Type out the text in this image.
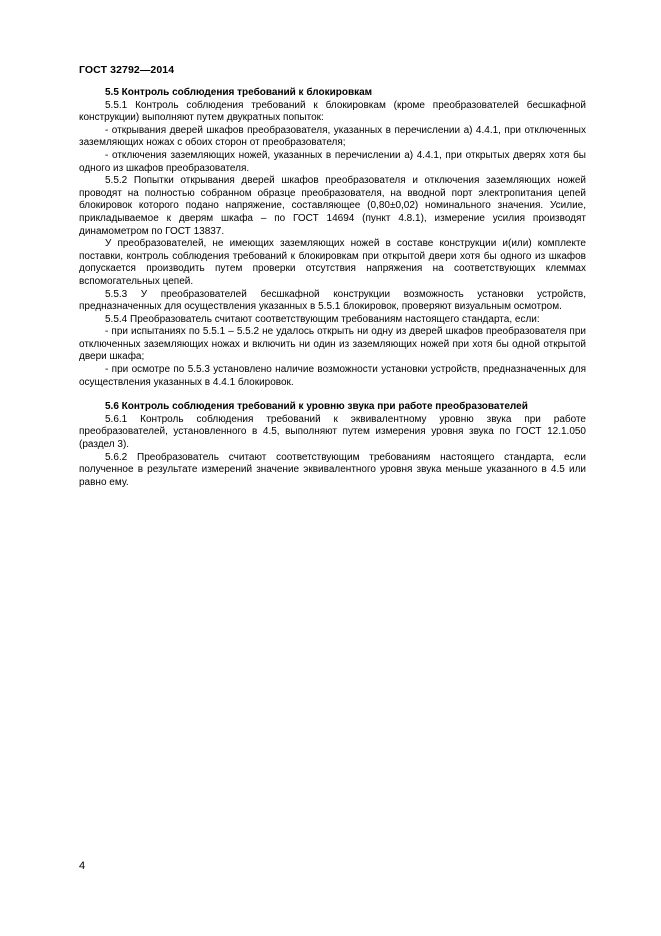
ГОСТ 32792—2014

5.5 Контроль соблюдения требований к блокировкам

5.5.1 Контроль соблюдения требований к блокировкам (кроме преобразователей бесшкафной конструкции) выполняют путем двукратных попыток:

- открывания дверей шкафов преобразователя, указанных в перечислении а) 4.4.1, при отключенных заземляющих ножах с обоих сторон от преобразователя;

- отключения заземляющих ножей, указанных в перечислении а) 4.4.1, при открытых дверях хотя бы одного из шкафов преобразователя.

5.5.2 Попытки открывания дверей шкафов преобразователя и отключения заземляющих ножей проводят на полностью собранном образце преобразователя, на вводной порт электропитания цепей блокировок которого подано напряжение, составляющее (0,80±0,02) номинального значения. Усилие, прикладываемое к дверям шкафа – по ГОСТ 14694 (пункт 4.8.1), измерение усилия производят динамометром по ГОСТ 13837.

У преобразователей, не имеющих заземляющих ножей в составе конструкции и(или) комплекте поставки, контроль соблюдения требований к блокировкам при открытой двери хотя бы одного из шкафов допускается производить путем проверки отсутствия напряжения на соответствующих клеммах вспомогательных цепей.

5.5.3 У преобразователей бесшкафной конструкции возможность установки устройств, предназначенных для осуществления указанных в 5.5.1 блокировок, проверяют визуальным осмотром.

5.5.4 Преобразователь считают соответствующим требованиям настоящего стандарта, если:

- при испытаниях по 5.5.1 – 5.5.2 не удалось открыть ни одну из дверей шкафов преобразователя при отключенных заземляющих ножах и включить ни один из заземляющих ножей при хотя бы одной открытой двери шкафа;

- при осмотре по 5.5.3 установлено наличие возможности установки устройств, предназначенных для осуществления указанных в 4.4.1 блокировок.

5.6 Контроль соблюдения требований к уровню звука при работе преобразователей

5.6.1 Контроль соблюдения требований к эквивалентному уровню звука при работе преобразователей, установленного в 4.5, выполняют путем измерения уровня звука по ГОСТ 12.1.050 (раздел 3).

5.6.2 Преобразователь считают соответствующим требованиям настоящего стандарта, если полученное в результате измерений значение эквивалентного уровня звука меньше указанного в 4.5 или равно ему.

4
